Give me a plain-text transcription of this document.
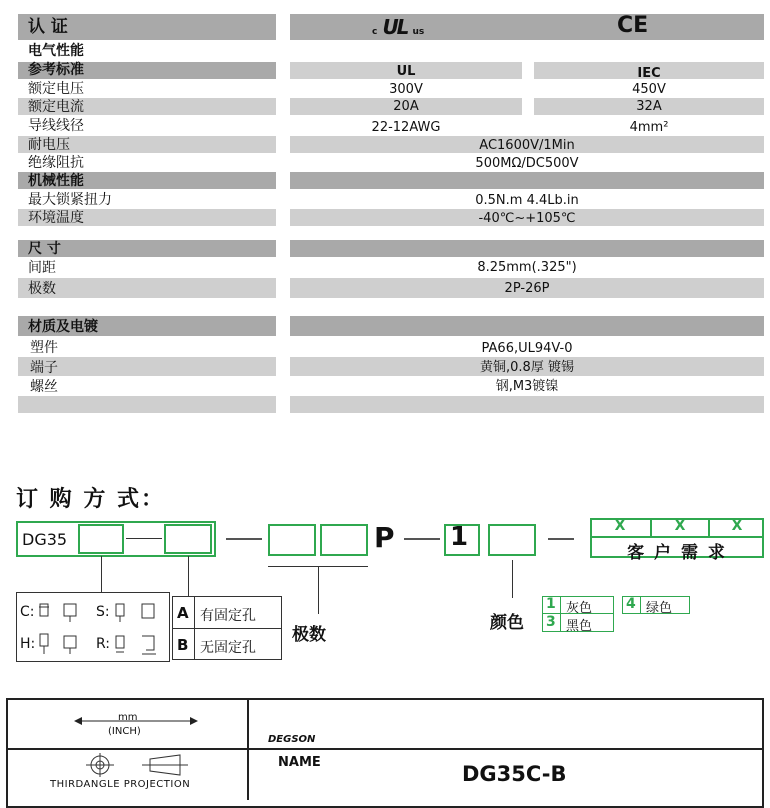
认 证	c UL us	CE
电气性能
参考标准	UL	IEC
额定电压	300V	450V
额定电流	20A	32A
导线线径	22-12AWG	4mm²
耐电压	AC1600V/1Min
绝缘阻抗	500MΩ/DC500V
机械性能
最大锁紧扭力	0.5N.m 4.4Lb.in
环境温度	-40℃~+105℃
尺 寸
间距	8.25mm(.325")
极数	2P-26P
材质及电镀
塑件	PA66,UL94V-0
端子	黄铜,0.8厚 镀锡
螺丝	钢,M3镀镍
订 购 方 式：
DG35	P 1	X	X	X
客 户 需 求
C:	S:
H:	R:
A 有固定孔
B 无固定孔
极数
颜色
1 灰色
3 黑色
4 绿色
mm
(INCH)
THIRDANGLE PROJECTION
DEGSON
NAME	DG35C-B
